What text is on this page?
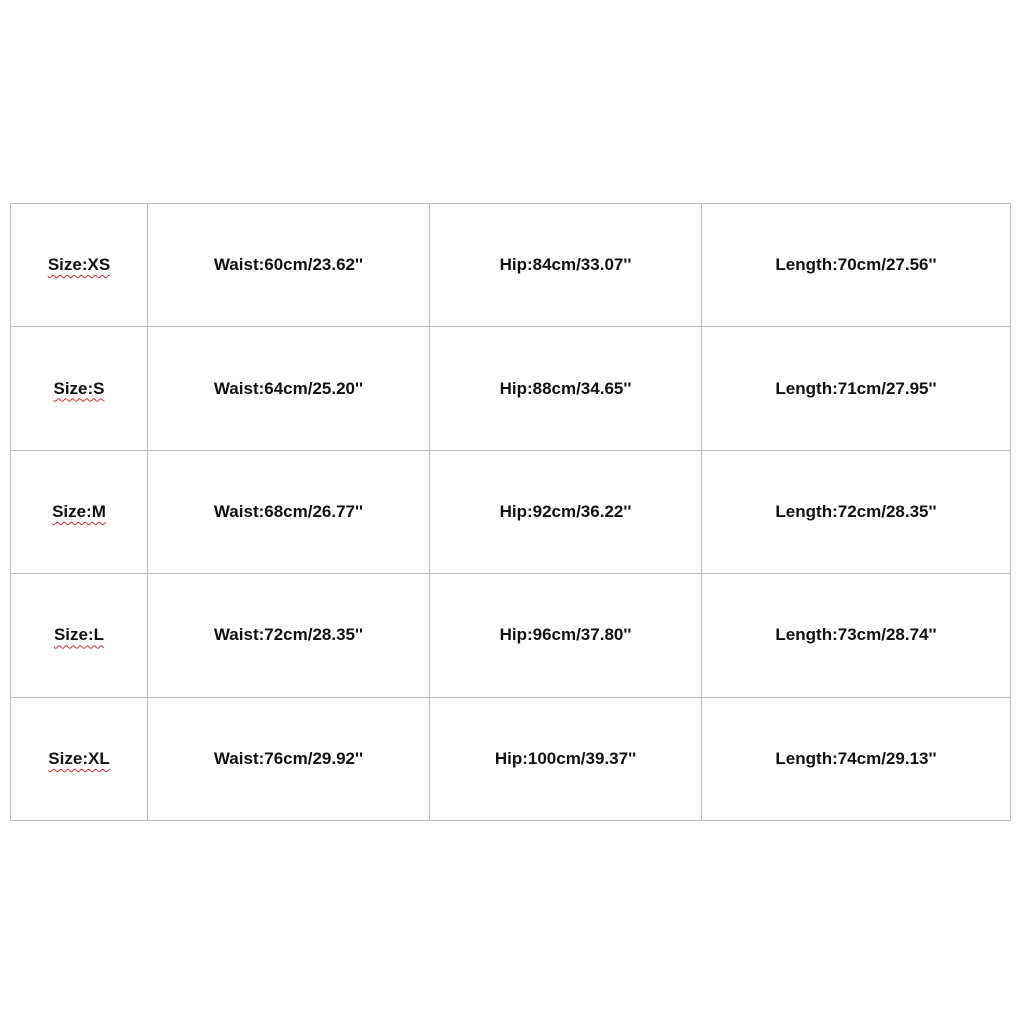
Size:XS	Waist:60cm/23.62''	Hip:84cm/33.07''	Length:70cm/27.56''
Size:S	Waist:64cm/25.20''	Hip:88cm/34.65''	Length:71cm/27.95''
Size:M	Waist:68cm/26.77''	Hip:92cm/36.22''	Length:72cm/28.35''
Size:L	Waist:72cm/28.35''	Hip:96cm/37.80''	Length:73cm/28.74''
Size:XL	Waist:76cm/29.92''	Hip:100cm/39.37''	Length:74cm/29.13''
